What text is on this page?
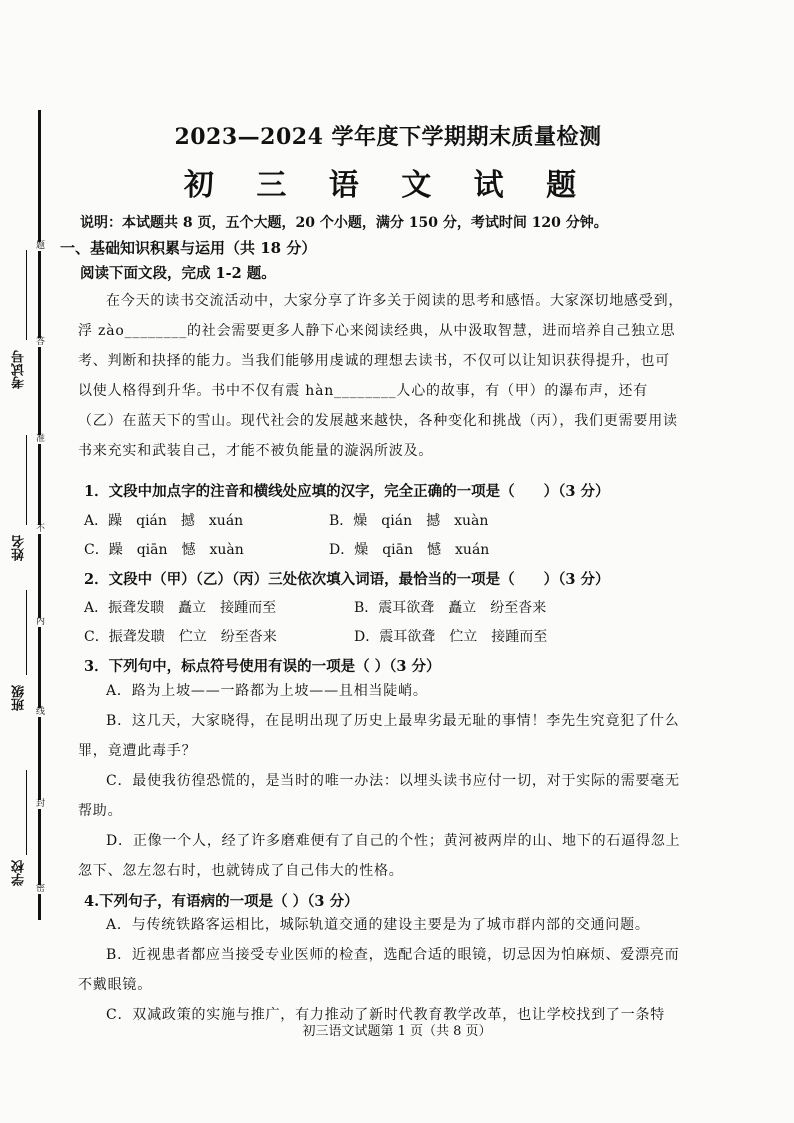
题
答
准
不
内
线
封
密
考试号
姓名
班级
学校
2023—2024 学年度下学期期末质量检测
初 三 语 文 试 题
说明：本试题共 8 页，五个大题，20 个小题，满分 150 分，考试时间 120 分钟。
一、基础知识积累与运用（共 18 分）
阅读下面文段，完成 1-2 题。
在今天的读书交流活动中，大家分享了许多关于阅读的思考和感悟。大家深切地感受到，浮 zào________的社会需要更多人静下心来阅读经典，从中汲取智慧，进而培养自己独立思考、判断和抉择的能力。当我们能够用虔诚的理想去读书，不仅可以让知识获得提升，也可以使人格得到升华。书中不仅有震 hàn________人心的故事，有（甲）的瀑布声，还有（乙）在蓝天下的雪山。现代社会的发展越来越快，各种变化和挑战（丙），我们更需要用读书来充实和武装自己，才能不被负能量的漩涡所波及。
1．文段中加点字的注音和横线处应填的汉字，完全正确的一项是（　　）（3 分）
A．躁　qián　撼　xuán	B．燥　qián　撼　xuàn
C．躁　qiān　憾　xuàn	D．燥　qiān　憾　xuán
2．文段中（甲）（乙）（丙）三处依次填入词语，最恰当的一项是（　　）（3 分）
A．振聋发聩　矗立　接踵而至	B．震耳欲聋　矗立　纷至沓来
C．振聋发聩　伫立　纷至沓来	D．震耳欲聋　伫立　接踵而至
3．下列句中，标点符号使用有误的一项是（ ）（3 分）
A．路为上坡——一路都为上坡——且相当陡峭。
B．这几天，大家晓得，在昆明出现了历史上最卑劣最无耻的事情！李先生究竟犯了什么罪，竟遭此毒手？
C．最使我彷徨恐慌的，是当时的唯一办法：以埋头读书应付一切，对于实际的需要毫无帮助。
D．正像一个人，经了许多磨难便有了自己的个性；黄河被两岸的山、地下的石逼得忽上忽下、忽左忽右时，也就铸成了自己伟大的性格。
4.下列句子，有语病的一项是（ ）（3 分）
A．与传统铁路客运相比，城际轨道交通的建设主要是为了城市群内部的交通问题。
B．近视患者都应当接受专业医师的检查，选配合适的眼镜，切忌因为怕麻烦、爱漂亮而不戴眼镜。
C．双减政策的实施与推广，有力推动了新时代教育教学改革，也让学校找到了一条特
初三语文试题第 1 页（共 8 页）
